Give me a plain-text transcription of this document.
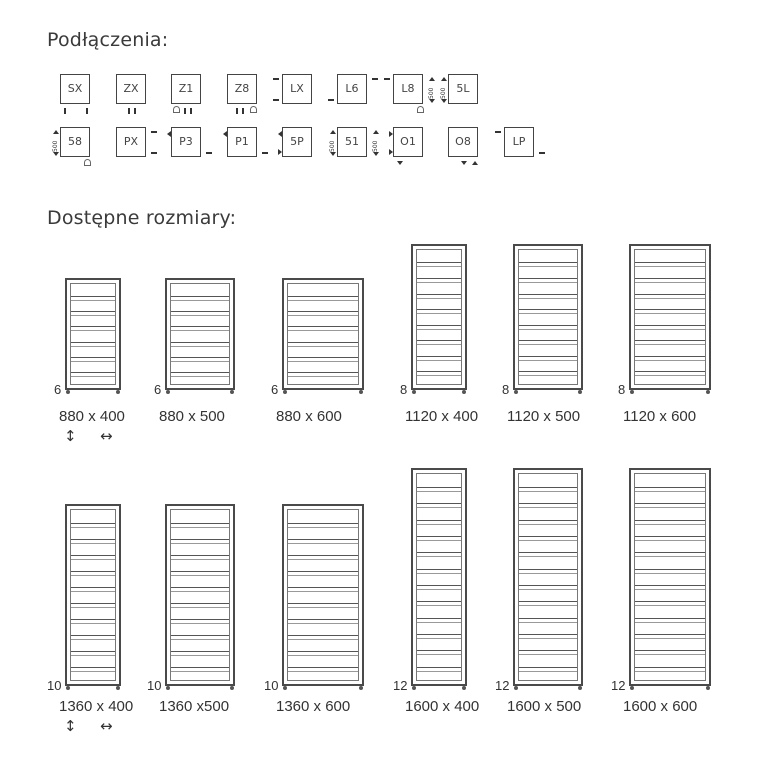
Podłączenia:
Dostępne rozmiary:
SX	ZX	Z1	Z8	LX	L6	L8	500	5L
500
58
500	PX	P3	P1	5P	51
500	500	O1	O8	LP
6
880 x 400
6
880 x 500
6
880 x 600
8
1120 x 400
8
1120 x 500
8
1120 x 600
↕ ↔
10
1360 x 400
10
1360 x500
10
1360 x 600
12
1600 x 400
12
1600 x 500
12
1600 x 600
↕ ↔
